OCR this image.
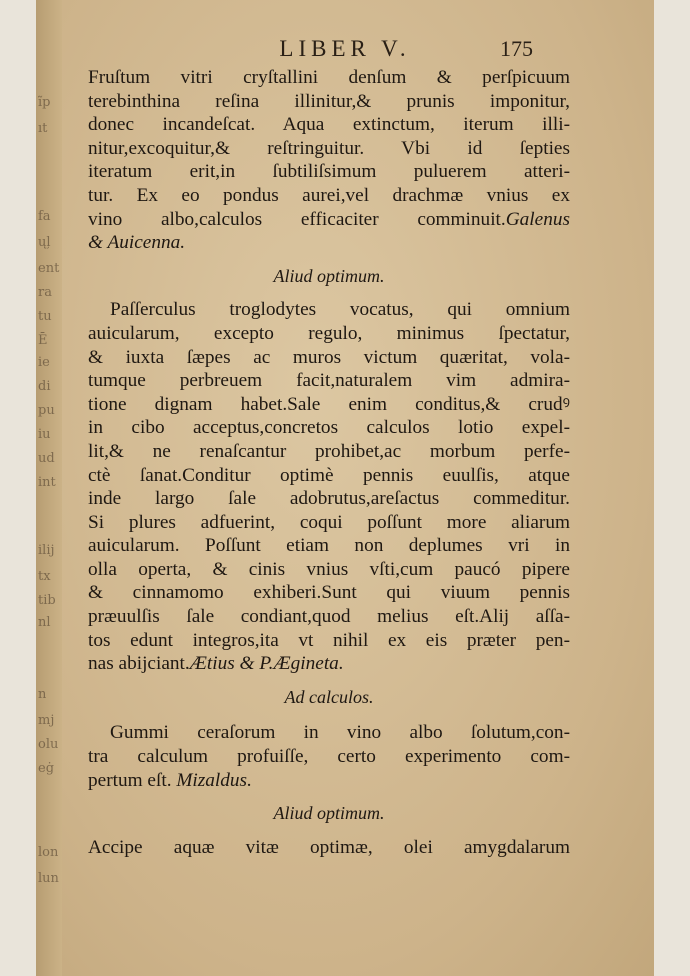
ĩp
ıt
fa
ųļ
ent
ra
tu
Ē
ie
di
pu
iu
ud
int
ilij
tx
tib
nl
n
mj
olu
eġ
lon
lun
LIBER V.	175
Fruſtum vitri cryſtallini denſum & perſpicuum
terebinthina reſina illinitur,& prunis imponitur,
donec incandeſcat. Aqua extinctum, iterum illi-
nitur,excoquitur,& reſtringuitur. Vbi id ſepties
iteratum erit,in ſubtiliſsimum puluerem atteri-
tur. Ex eo pondus aurei,vel drachmæ vnius ex
vino albo,calculos efficaciter comminuit.Galenus
& Auicenna.
Aliud optimum.
Paſſerculus troglodytes vocatus, qui omnium
auicularum, excepto regulo, minimus ſpectatur,
& iuxta ſæpes ac muros victum quæritat, vola-
tumque perbreuem facit,naturalem vim admira-
tione dignam habet.Sale enim conditus,& crudꝰ
in cibo acceptus,concretos calculos lotio expel-
lit,& ne renaſcantur prohibet,ac morbum perfe-
ctè ſanat.Conditur optimè pennis euulſis, atque
inde largo ſale adobrutus,areſactus commeditur.
Si plures adfuerint, coqui poſſunt more aliarum
auicularum. Poſſunt etiam non deplumes vri in
olla operta, & cinis vnius vſti,cum paucó pipere
& cinnamomo exhiberi.Sunt qui viuum pennis
præuulſis ſale condiant,quod melius eſt.Alij aſſa-
tos edunt integros,ita vt nihil ex eis præter pen-
nas abijciant.Ætius & P.Ægineta.
Ad calculos.
Gummi ceraſorum in vino albo ſolutum,con-
tra calculum profuiſſe, certo experimento com-
pertum eſt. Mizaldus.
Aliud optimum.
Accipe aquæ vitæ optimæ, olei amygdalarum
